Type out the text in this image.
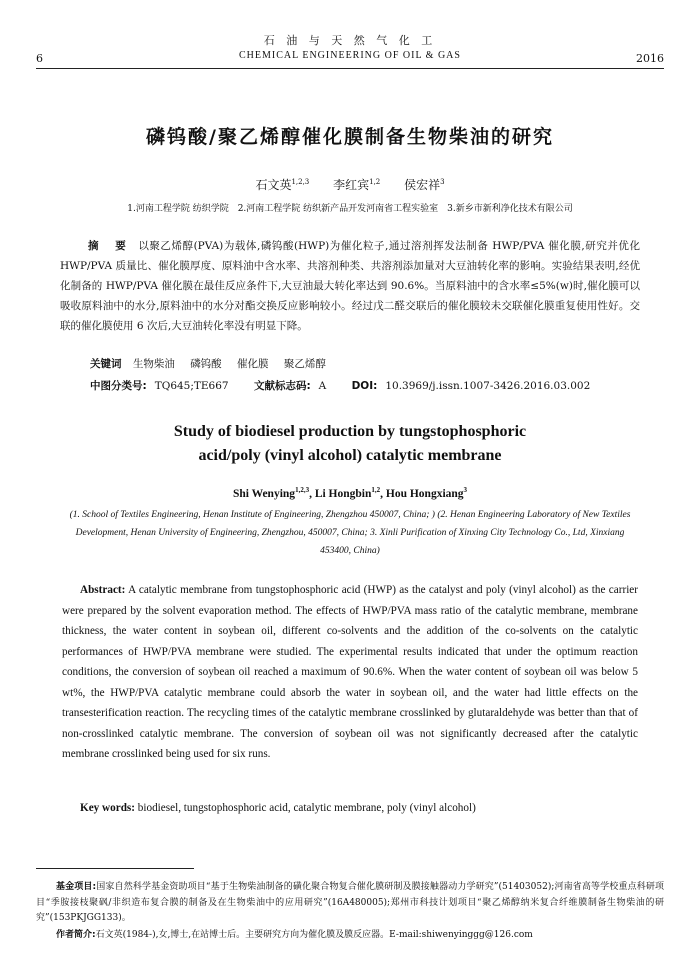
石 油 与 天 然 气 化 工
CHEMICAL ENGINEERING OF OIL & GAS
6	2016
磷钨酸/聚乙烯醇催化膜制备生物柴油的研究
石文英$^{1,2,3}$ 李红宾$^{1,2}$ 侯宏祥$^3$
1.河南工程学院 纺织学院　2.河南工程学院 纺织新产品开发河南省工程实验室　3.新乡市新利净化技术有限公司
摘 要 以聚乙烯醇(PVA)为载体,磷钨酸(HWP)为催化粒子,通过溶剂挥发法制备 HWP/PVA 催化膜,研究并优化 HWP/PVA 质量比、催化膜厚度、原料油中含水率、共溶剂种类、共溶剂添加量对大豆油转化率的影响。实验结果表明,经优化制备的 HWP/PVA 催化膜在最佳反应条件下,大豆油最大转化率达到 90.6%。当原料油中的含水率≤5%(w)时,催化膜可以吸收原料油中的水分,原料油中的水分对酯交换反应影响较小。经过戊二醛交联后的催化膜较未交联催化膜重复使用性好。交联的催化膜使用 6 次后,大豆油转化率没有明显下降。
关键词 生物柴油 磷钨酸 催化膜 聚乙烯醇
中图分类号: TQ645;TE667 文献标志码: A DOI: 10.3969/j.issn.1007-3426.2016.03.002
Study of biodiesel production by tungstophosphoric
acid/poly (vinyl alcohol) catalytic membrane
Shi Wenying$^{1,2,3}$, Li Hongbin$^{1,2}$, Hou Hongxiang$^3$
(1. School of Textiles Engineering, Henan Institute of Engineering, Zhengzhou 450007, China; ) (2. Henan Engineering Laboratory of New Textiles Development, Henan University of Engineering, Zhengzhou, 450007, China; 3. Xinli Purification of Xinxing City Technology Co., Ltd, Xinxiang 453400, China)
Abstract: A catalytic membrane from tungstophosphoric acid (HWP) as the catalyst and poly (vinyl alcohol) as the carrier were prepared by the solvent evaporation method. The effects of HWP/PVA mass ratio of the catalytic membrane, membrane thickness, the water content in soybean oil, different co-solvents and the addition of the co-solvents on the catalytic performances of HWP/PVA membrane were studied. The experimental results indicated that under the optimum reaction conditions, the conversion of soybean oil reached a maximum of 90.6%. When the water content of soybean oil was below 5 wt%, the HWP/PVA catalytic membrane could absorb the water in soybean oil, and the water had little effects on the transesterification reaction. The recycling times of the catalytic membrane crosslinked by glutaraldehyde was better than that of non-crosslinked catalytic membrane. The conversion of soybean oil was not significantly decreased after the catalytic membrane crosslinked being used for six runs.
Key words: biodiesel, tungstophosphoric acid, catalytic membrane, poly (vinyl alcohol)
基金项目:国家自然科学基金资助项目“基于生物柴油制备的磺化聚合物复合催化膜研制及膜接触器动力学研究”(51403052);河南省高等学校重点科研项目“季胺接枝聚砜/非织造布复合膜的制备及在生物柴油中的应用研究”(16A480005);郑州市科技计划项目“聚乙烯醇纳米复合纤维膜制备生物柴油的研究”(153PKJGG133)。
作者简介:石文英(1984-),女,博士,在站博士后。主要研究方向为催化膜及膜反应器。E-mail:shiwenyinggg@126.com
